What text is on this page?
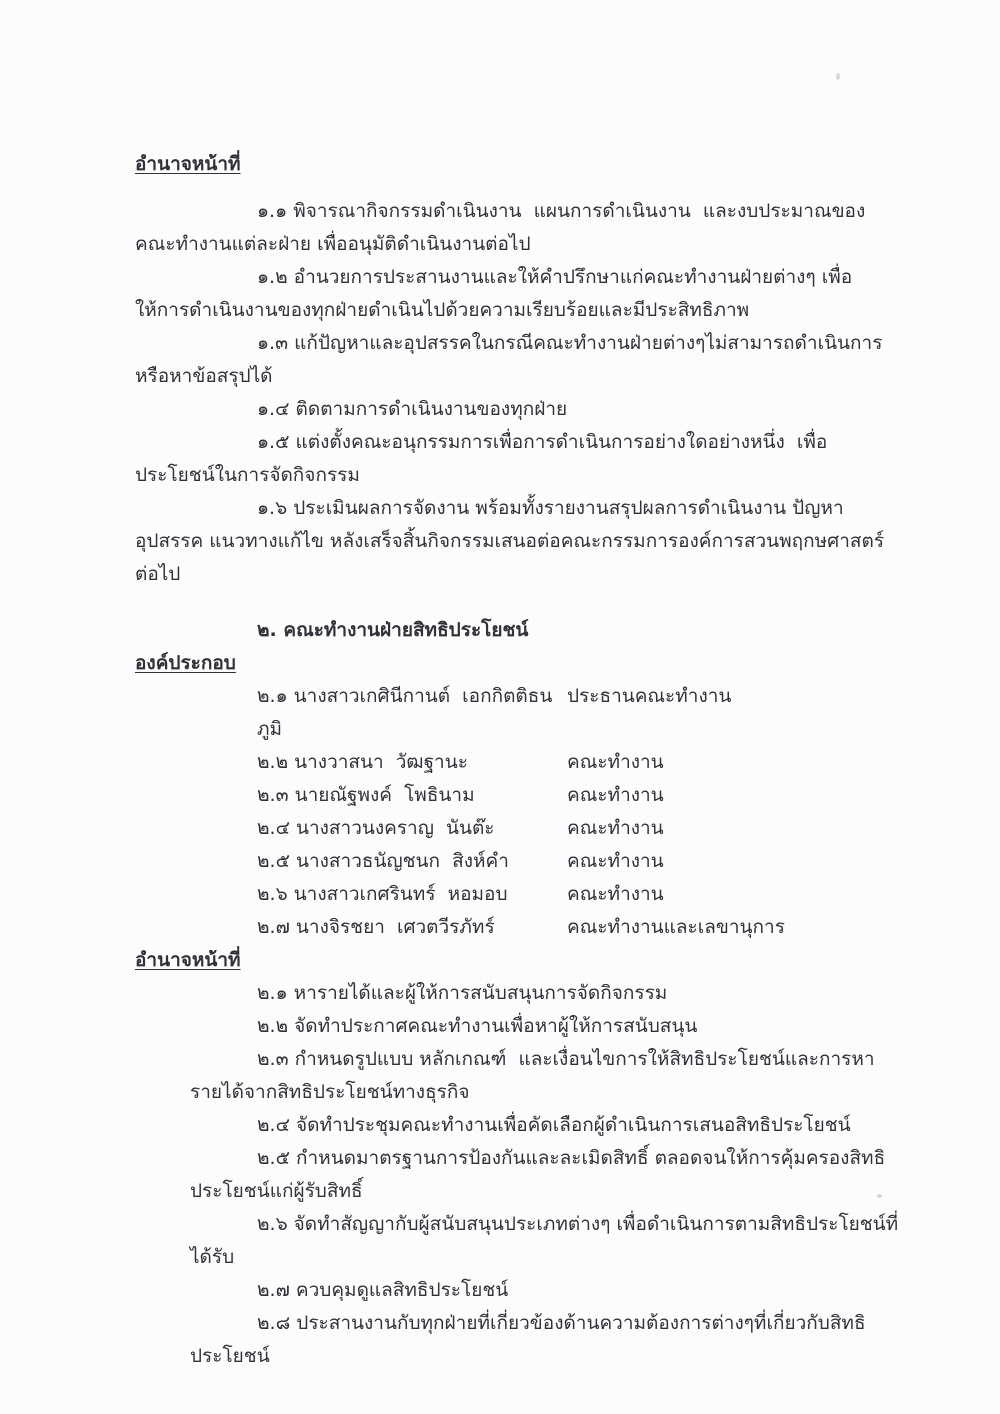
อำนาจหน้าที่

๑.๑ พิจารณากิจกรรมดำเนินงาน  แผนการดำเนินงาน  และงบประมาณของคณะทำงานแต่ละฝ่าย เพื่ออนุมัติดำเนินงานต่อไป

๑.๒ อำนวยการประสานงานและให้คำปรึกษาแก่คณะทำงานฝ่ายต่างๆ เพื่อให้การดำเนินงานของทุกฝ่ายดำเนินไปด้วยความเรียบร้อยและมีประสิทธิภาพ

๑.๓ แก้ปัญหาและอุปสรรคในกรณีคณะทำงานฝ่ายต่างๆไม่สามารถดำเนินการหรือหาข้อสรุปได้

๑.๔ ติดตามการดำเนินงานของทุกฝ่าย

๑.๕ แต่งตั้งคณะอนุกรรมการเพื่อการดำเนินการอย่างใดอย่างหนึ่ง  เพื่อประโยชน์ในการจัดกิจกรรม

๑.๖ ประเมินผลการจัดงาน พร้อมทั้งรายงานสรุปผลการดำเนินงาน ปัญหา อุปสรรค แนวทางแก้ไข หลังเสร็จสิ้นกิจกรรมเสนอต่อคณะกรรมการองค์การสวนพฤกษศาสตร์ต่อไป

๒. คณะทำงานฝ่ายสิทธิประโยชน์

องค์ประกอบ

๒.๑ นางสาวเกศินีกานต์  เอกกิตติธนภูมิ
ประธานคณะทำงาน
๒.๒ นางวาสนา  วัฒฐานะ	คณะทำงาน
๒.๓ นายณัฐพงค์  โพธินาม	คณะทำงาน
๒.๔ นางสาวนงคราญ  นันต๊ะ	คณะทำงาน
๒.๕ นางสาวธนัญชนก  สิงห์คำ	คณะทำงาน
๒.๖ นางสาวเกศรินทร์  หอมอบ	คณะทำงาน
๒.๗ นางจิรชยา  เศวตวีรภัทร์	คณะทำงานและเลขานุการ

อำนาจหน้าที่

๒.๑ หารายได้และผู้ให้การสนับสนุนการจัดกิจกรรม

๒.๒ จัดทำประกาศคณะทำงานเพื่อหาผู้ให้การสนับสนุน

๒.๓ กำหนดรูปแบบ หลักเกณฑ์  และเงื่อนไขการให้สิทธิประโยชน์และการหารายได้จากสิทธิประโยชน์ทางธุรกิจ

๒.๔ จัดทำประชุมคณะทำงานเพื่อคัดเลือกผู้ดำเนินการเสนอสิทธิประโยชน์

๒.๕ กำหนดมาตรฐานการป้องกันและละเมิดสิทธิ์ ตลอดจนให้การคุ้มครองสิทธิประโยชน์แก่ผู้รับสิทธิ์

๒.๖ จัดทำสัญญากับผู้สนับสนุนประเภทต่างๆ เพื่อดำเนินการตามสิทธิประโยชน์ที่ได้รับ

๒.๗ ควบคุมดูแลสิทธิประโยชน์

๒.๘ ประสานงานกับทุกฝ่ายที่เกี่ยวข้องด้านความต้องการต่างๆที่เกี่ยวกับสิทธิประโยชน์
